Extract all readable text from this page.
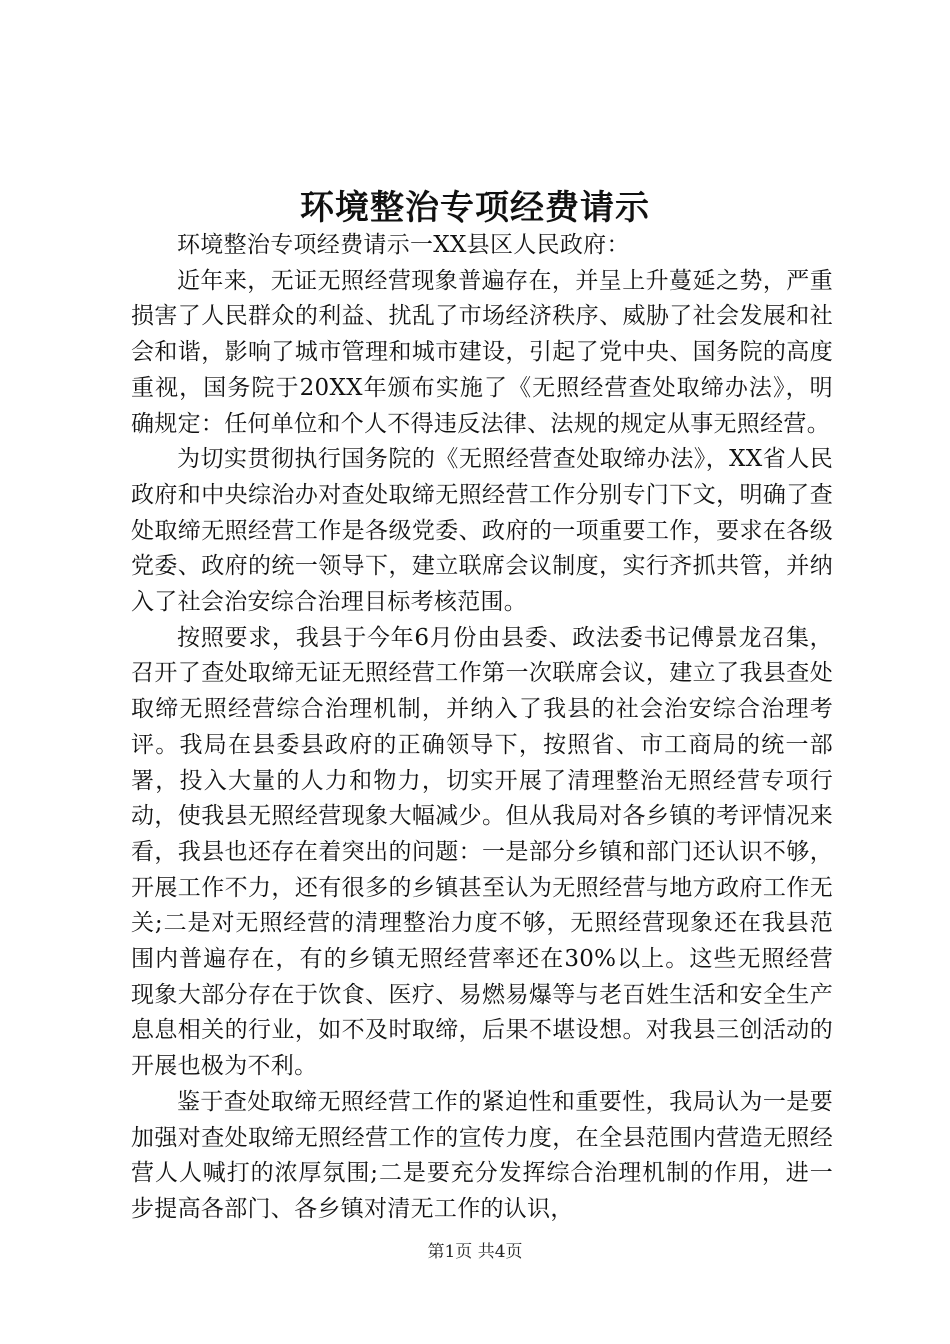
环境整治专项经费请示

环境整治专项经费请示一XX县区人民政府：

近年来，无证无照经营现象普遍存在，并呈上升蔓延之势，严重损害了人民群众的利益、扰乱了市场经济秩序、威胁了社会发展和社会和谐，影响了城市管理和城市建设，引起了党中央、国务院的高度重视，国务院于20XX年颁布实施了《无照经营查处取缔办法》，明确规定：任何单位和个人不得违反法律、法规的规定从事无照经营。

为切实贯彻执行国务院的《无照经营查处取缔办法》，XX省人民政府和中央综治办对查处取缔无照经营工作分别专门下文，明确了查处取缔无照经营工作是各级党委、政府的一项重要工作，要求在各级党委、政府的统一领导下，建立联席会议制度，实行齐抓共管，并纳入了社会治安综合治理目标考核范围。

按照要求，我县于今年6月份由县委、政法委书记傅景龙召集，召开了查处取缔无证无照经营工作第一次联席会议，建立了我县查处取缔无照经营综合治理机制，并纳入了我县的社会治安综合治理考评。我局在县委县政府的正确领导下，按照省、市工商局的统一部署，投入大量的人力和物力，切实开展了清理整治无照经营专项行动，使我县无照经营现象大幅减少。但从我局对各乡镇的考评情况来看，我县也还存在着突出的问题：一是部分乡镇和部门还认识不够，开展工作不力，还有很多的乡镇甚至认为无照经营与地方政府工作无关;二是对无照经营的清理整治力度不够，无照经营现象还在我县范围内普遍存在，有的乡镇无照经营率还在30%以上。这些无照经营现象大部分存在于饮食、医疗、易燃易爆等与老百姓生活和安全生产息息相关的行业，如不及时取缔，后果不堪设想。对我县三创活动的开展也极为不利。

鉴于查处取缔无照经营工作的紧迫性和重要性，我局认为一是要加强对查处取缔无照经营工作的宣传力度，在全县范围内营造无照经营人人喊打的浓厚氛围;二是要充分发挥综合治理机制的作用，进一步提高各部门、各乡镇对清无工作的认识，

第1页 共4页
